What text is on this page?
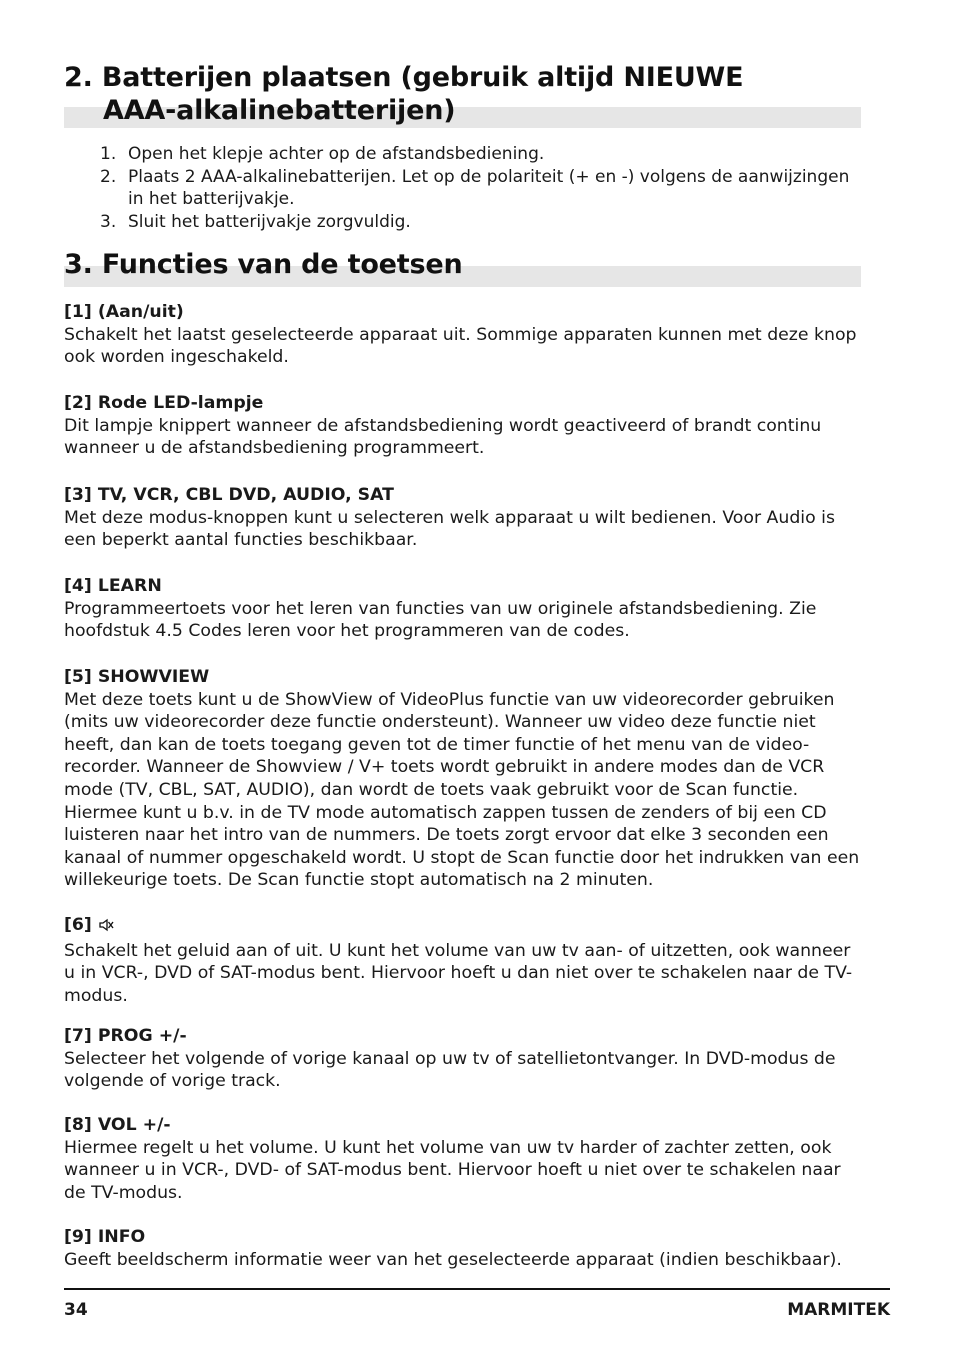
2. Batterijen plaatsen (gebruik altijd NIEUWE
AAA-alkalinebatterijen)
1. Open het klepje achter op de afstandsbediening.
2. Plaats 2 AAA-alkalinebatterijen. Let op de polariteit (+ en -) volgens de aanwijzingen in het batterijvakje.
3. Sluit het batterijvakje zorgvuldig.
3. Functies van de toetsen
[1] (Aan/uit)
Schakelt het laatst geselecteerde apparaat uit. Sommige apparaten kunnen met deze knop ook worden ingeschakeld.
[2] Rode LED-lampje
Dit lampje knippert wanneer de afstandsbediening wordt geactiveerd of brandt continu wanneer u de afstandsbediening programmeert.
[3] TV, VCR, CBL DVD, AUDIO, SAT
Met deze modus-knoppen kunt u selecteren welk apparaat u wilt bedienen. Voor Audio is een beperkt aantal functies beschikbaar.
[4] LEARN
Programmeertoets voor het leren van functies van uw originele afstandsbediening. Zie hoofdstuk 4.5 Codes leren voor het programmeren van de codes.
[5] SHOWVIEW
Met deze toets kunt u de ShowView of VideoPlus functie van uw videorecorder gebruiken (mits uw videorecorder deze functie ondersteunt). Wanneer uw video deze functie niet heeft, dan kan de toets toegang geven tot de timer functie of het menu van de video-recorder. Wanneer de Showview / V+ toets wordt gebruikt in andere modes dan de VCR mode (TV, CBL, SAT, AUDIO), dan wordt de toets vaak gebruikt voor de Scan functie. Hiermee kunt u b.v. in de TV mode automatisch zappen tussen de zenders of bij een CD luisteren naar het intro van de nummers. De toets zorgt ervoor dat elke 3 seconden een kanaal of nummer opgeschakeld wordt. U stopt de Scan functie door het indrukken van een willekeurige toets. De Scan functie stopt automatisch na 2 minuten.
[6]
Schakelt het geluid aan of uit. U kunt het volume van uw tv aan- of uitzetten, ook wanneer u in VCR-, DVD of SAT-modus bent. Hiervoor hoeft u dan niet over te schakelen naar de TV-modus.
[7] PROG +/-
Selecteer het volgende of vorige kanaal op uw tv of satellietontvanger. In DVD-modus de volgende of vorige track.
[8] VOL +/-
Hiermee regelt u het volume. U kunt het volume van uw tv harder of zachter zetten, ook wanneer u in VCR-, DVD- of SAT-modus bent. Hiervoor hoeft u niet over te schakelen naar de TV-modus.
[9] INFO
Geeft beeldscherm informatie weer van het geselecteerde apparaat (indien beschikbaar).
34	MARMITEK
